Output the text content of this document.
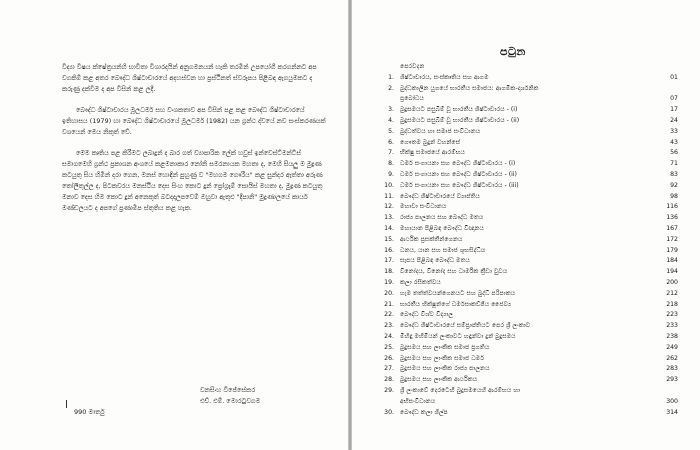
විද්‍යා විෂය ක්ෂේත්‍රයන්හි භාවිතා විශාරදයින් අනුගමනයන් හැකි තරමින් උපයෝගී කරගන්නට අප වගකිම් කළ අතර බෞද්ධ ශිෂ්ටාචාරයේ අදහස්වන හා ප්‍රස්ථිනත් ස්වරූපය පිළිබඳ ඇගයුමකට ද කරුණු දක්වීම ද අප විසින් කළ ලදී.

බෞද්ධ ශිෂ්ටාචාරය මූලධර්ම සහ වංශකතාව අප විසින් පළ කළ බෞද්ධ ශිෂ්ටාචාරයේ ඉතිහාසය (1979) හා බෞද්ධ ශිෂ්ටාචාරයේ මූලධර්ම (1982) යන ග්‍රන්ථ ද්වයේ නව සංස්කරණයක් වශයෙන් මෙය නිකුත් වේ.

මෙම කෘතිය පළ කිරීමට ලබාදුන් ද බාර ගත් ව්‍යාපාරික ලේක් හවුස් ඉන්වෙස්ට්මන්ට්ස් සමාගමෙහි ග්‍රන්ථ ප්‍රකාශන අංශයේ කළමනාකාර නෝනි සමරනායක මහතා ද, මෙහි සියලු ම මුද්‍රණ කටයුතු සිය හිමින් දරා ගෙන, මනස් හොඳින් පුහුණු ව "මහගම ගෞරීය" කළ සුන්දර ඇත්තා අරුණ තෝලිතුල්ල ද, පිටකවරය මනස්ථිය දෙස සිංහ කොට දුන් ප්‍රෝග්‍රෑම් සොයිස් මහතා ද, මුද්‍රණ කටයුතු මනාව දෙස හිම කොට දුන් අනෙකුත් බටදදාලපවෙම් ඔහුවා ඇතුළු "දීපානි" මුද්‍රණාලයේ කාර්ය මණ්ඩලයට ද අපගේ ප්‍රණාමිප ස්තුතිය කළ හැක.

වනසිංහ විජේසේකර
එච්. එම්. මොරටුවගම
990 මාර්තු
පටුන
පෙරවදන
1. ශිෂ්ටාචාරය, සංස්කෘතිය සහ ආගම	01
2. බුද්ධකාලීන යුගයේ භාරතීය සමාජය: ආගමික-දාර්ශනික
ප්‍රබෝධය	07
3. බුදුසමයට පසුබිම් වූ භාරතීය ශිෂ්ටාචාරය - (i)	17
4. බුදුසමයට පසුබිම් වූ භාරතීය ශිෂ්ටාචාරය - (ii)	24
5. බුද්ධත්වය හා සමාජ සංවිධානය	33
6. ගෞතම බුදුන් වහන්සේ	43
7. භික්ෂු සමාජයේ ආරම්භය	56
8. ධර්ම සංගායනා සහ බෞද්ධ ශිෂ්ටාචාරය - (i)	71
9. ධර්ම සංගායනා සහ බෞද්ධ ශිෂ්ටාචාරය - (ii)	83
10. ධර්ම සංගායනා සහ බෞද්ධ ශිෂ්ටාචාරය - (iii)	92
11. බෞද්ධ ශිෂ්ටාචාරයේ ව්‍යාප්තිය	98
12. මහාචා සංවිධානය	116
13. රාජ්‍ය පාලනය සහ බෞද්ධ මතය	136
14. මහායාන පිළිබඳ බෞද්ධ විඥානය	167
15. ආර්ථික ප්‍රසක්තීන්ගෙනය	172
16. ධනය, යාන සහ සමාජ ශුභසිද්ධිය	179
17. සැපය පිළිබඳ බෞද්ධ මතය	184
18. විනෝදය, විනෝද සහ ධාර්මික ක්‍රීඩා වුවය	194
19. කලා රසිකත්වය	200
20. හැම තත්ත්වයන්ගෙනයට සහ බුද්ධි පරිපාකය	212
21. භාරතීය භික්ෂූන්ගේ ධර්මසාකච්ඡීය ජෛව්‍ය	218
22. බෞද්ධ විශ්ව විද්‍යාල	223
23. බෞද්ධ ශිෂ්ටාචාරයේ සම්ප්‍රාප්තියට පෙර ශ්‍රී ලංකාව	233
24. මිහිඳු මහිමියන් ලංකාවට හඳුන්වා දුන් බුදුසමය	238
25. බුදුසමය සහ ලාංකික සමාජ ප්‍රගතිය	249
26. බුදුසමය සහ ලාංකික සමාජ ධර්ම	262
27. බුදුසමය සහ ලාංකික රාජ්‍ය පාලනය	283
28. බුදුසමය සහ ලාංකික ආර්ථිකය	293
29. ශ්‍රී ලංකාවේ දෙරටෙහි බුදුසමයෙහි ආරම්භය හා
අභිසංවිධානය	300
30. බෞද්ධ කලා ශිල්ප	314
